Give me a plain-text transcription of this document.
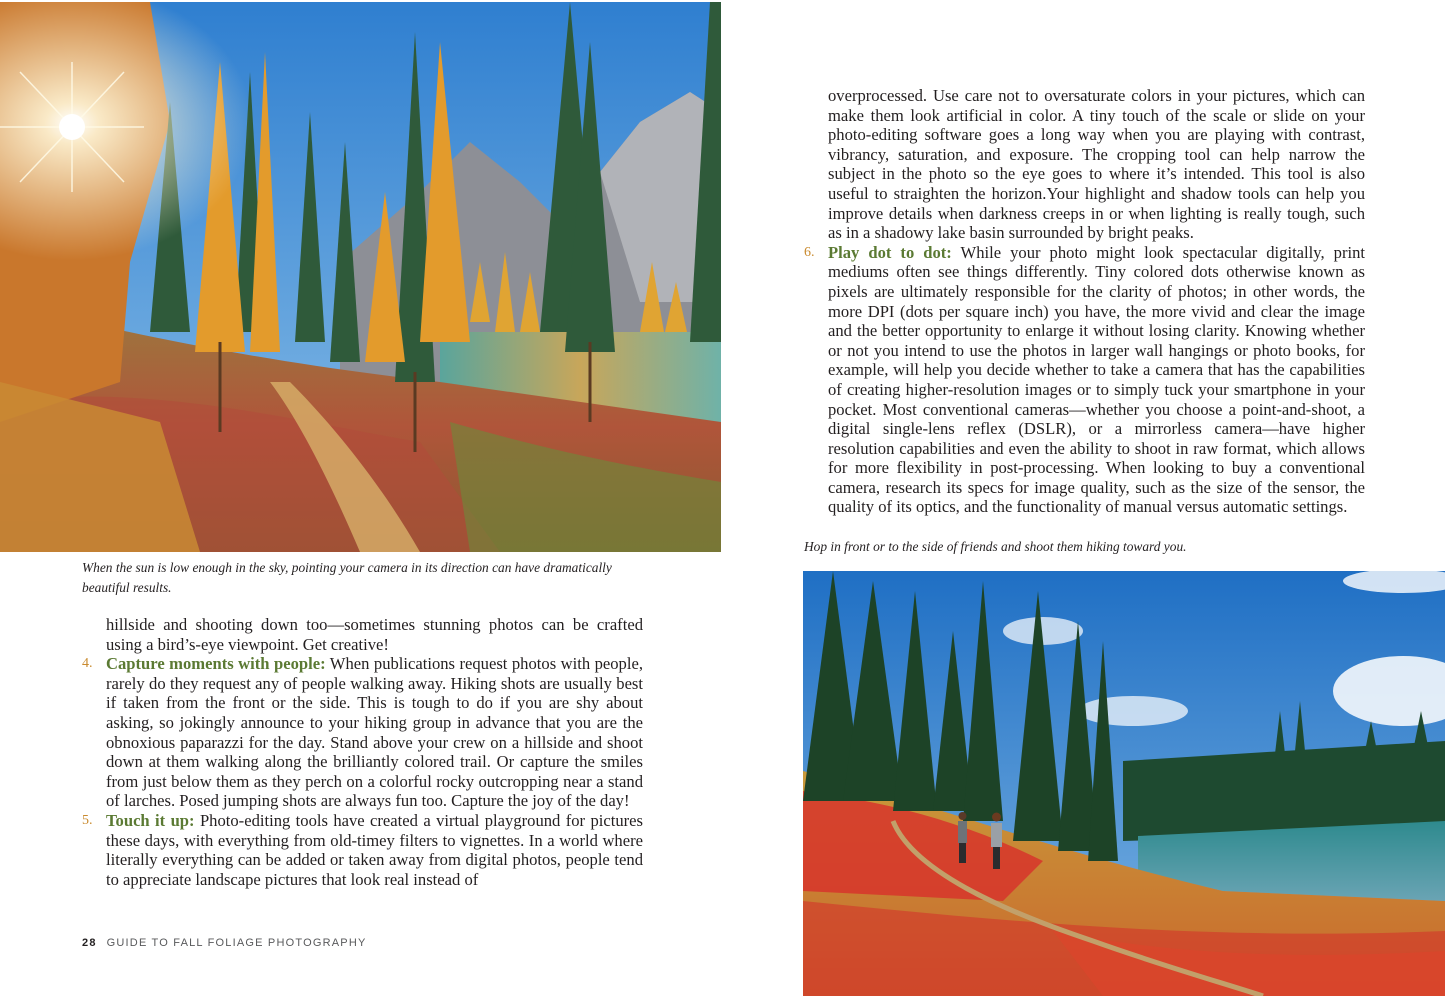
When the sun is low enough in the sky, pointing your camera in its direction can have dramatically beautiful results.

hillside and shooting down too—sometimes stunning photos can be crafted using a bird’s-eye viewpoint. Get creative!

4. Capture moments with people: When publications request photos with people, rarely do they request any of people walking away. Hiking shots are usually best if taken from the front or the side. This is tough to do if you are shy about asking, so jokingly announce to your hiking group in advance that you are the obnoxious paparazzi for the day. Stand above your crew on a hillside and shoot down at them walking along the brilliantly colored trail. Or capture the smiles from just below them as they perch on a colorful rocky outcropping near a stand of larches. Posed jumping shots are always fun too. Capture the joy of the day!
5. Touch it up: Photo-editing tools have created a virtual playground for pictures these days, with everything from old-timey filters to vignettes. In a world where literally everything can be added or taken away from digital photos, people tend to appreciate landscape pictures that look real instead of
28 GUIDE TO FALL FOLIAGE PHOTOGRAPHY

overprocessed. Use care not to oversaturate colors in your pictures, which can make them look artificial in color. A tiny touch of the scale or slide on your photo-editing software goes a long way when you are playing with contrast, vibrancy, saturation, and exposure. The cropping tool can help narrow the subject in the photo so the eye goes to where it’s intended. This tool is also useful to straighten the horizon.Your highlight and shadow tools can help you improve details when darkness creeps in or when lighting is really tough, such as in a shadowy lake basin surrounded by bright peaks.

6. Play dot to dot: While your photo might look spectacular digitally, print mediums often see things differently. Tiny colored dots otherwise known as pixels are ultimately responsible for the clarity of photos; in other words, the more DPI (dots per square inch) you have, the more vivid and clear the image and the better opportunity to enlarge it without losing clarity. Knowing whether or not you intend to use the photos in larger wall hangings or photo books, for example, will help you decide whether to take a camera that has the capabilities of creating higher-resolution images or to simply tuck your smartphone in your pocket. Most conventional cameras—whether you choose a point-and-shoot, a digital single-lens reflex (DSLR), or a mirrorless camera—have higher resolution capabilities and even the ability to shoot in raw format, which allows for more flexibility in post-processing. When looking to buy a conventional camera, research its specs for image quality, such as the size of the sensor, the quality of its optics, and the functionality of manual versus automatic settings.

Hop in front or to the side of friends and shoot them hiking toward you.
